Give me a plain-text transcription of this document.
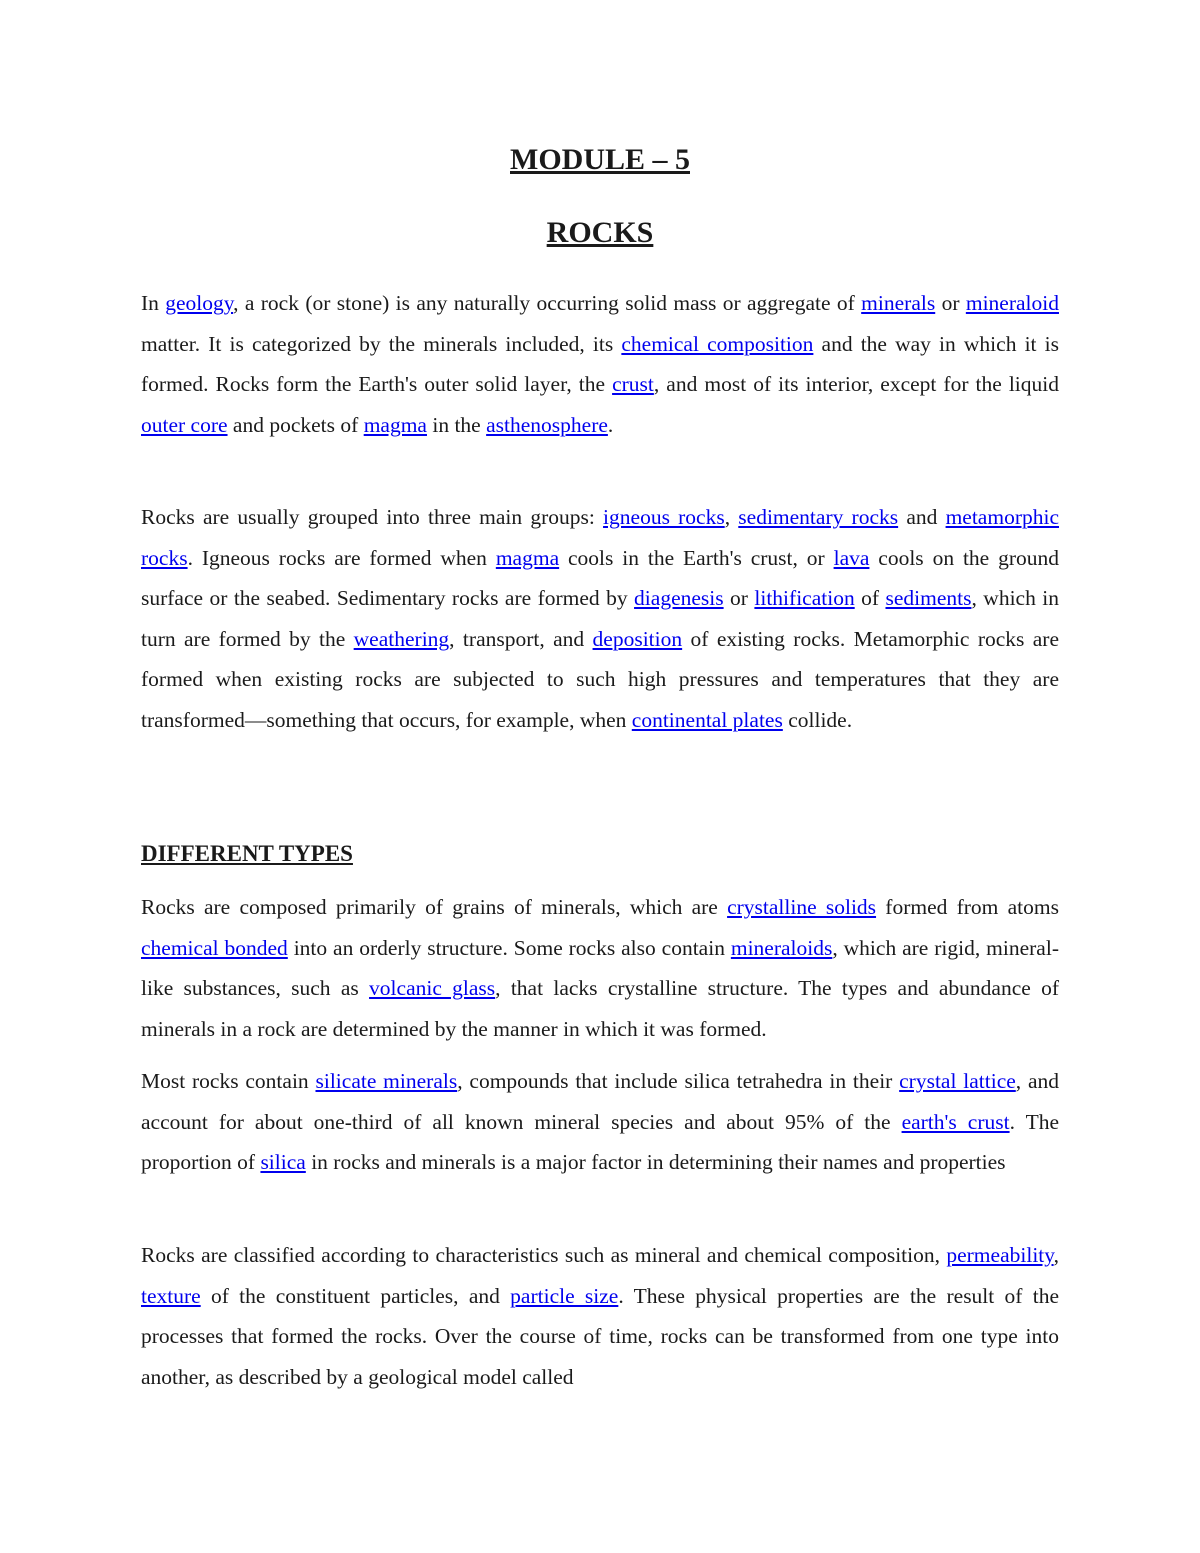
MODULE – 5
ROCKS

In geology, a rock (or stone) is any naturally occurring solid mass or aggregate of minerals or mineraloid matter. It is categorized by the minerals included, its chemical composition and the way in which it is formed. Rocks form the Earth's outer solid layer, the crust, and most of its interior, except for the liquid outer core and pockets of magma in the asthenosphere.

Rocks are usually grouped into three main groups: igneous rocks, sedimentary rocks and metamorphic rocks. Igneous rocks are formed when magma cools in the Earth's crust, or lava cools on the ground surface or the seabed. Sedimentary rocks are formed by diagenesis or lithification of sediments, which in turn are formed by the weathering, transport, and deposition of existing rocks. Metamorphic rocks are formed when existing rocks are subjected to such high pressures and temperatures that they are transformed—something that occurs, for example, when continental plates collide.

DIFFERENT TYPES

Rocks are composed primarily of grains of minerals, which are crystalline solids formed from atoms chemical bonded into an orderly structure. Some rocks also contain mineraloids, which are rigid, mineral-like substances, such as volcanic glass, that lacks crystalline structure. The types and abundance of minerals in a rock are determined by the manner in which it was formed.

Most rocks contain silicate minerals, compounds that include silica tetrahedra in their crystal lattice, and account for about one-third of all known mineral species and about 95% of the earth's crust. The proportion of silica in rocks and minerals is a major factor in determining their names and properties

Rocks are classified according to characteristics such as mineral and chemical composition, permeability, texture of the constituent particles, and particle size. These physical properties are the result of the processes that formed the rocks. Over the course of time, rocks can be transformed from one type into another, as described by a geological model called
